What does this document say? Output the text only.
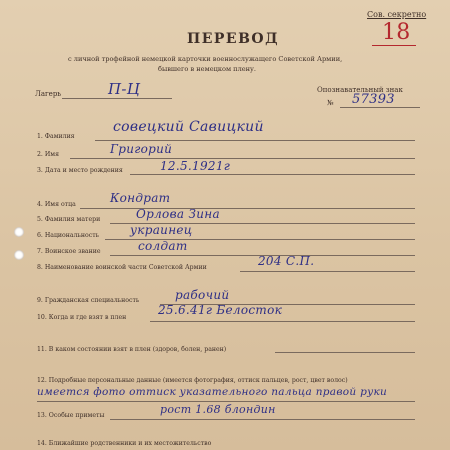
Сов. секретно
18
ПЕРЕВОД
с личной трофейной немецкой карточки военнослужащего Советской Армии,
бывшего в немецком плену.
Лагерь	П-Ц	Опознавательный знак
№ 57393
1. Фамилия
совецкий Савицкий
2. Имя	Григорий
3. Дата и место рождения	12.5.1921г
4. Имя отца	Кондрат
5. Фамилия матери	Орлова Зина
6. Национальность	украинец
7. Воинское звание	солдат
8. Наименование воинской части Советской Армии	204 С.П.
9. Гражданская специальность	рабочий
10. Когда и где взят в плен
25.6.41г Белосток
11. В каком состоянии взят в плен (здоров, болен, ранен)
12. Подробные персональные данные (имеется фотография, оттиск пальцев, рост, цвет волос)
имеется фото оттиск указательного пальца правой руки
13. Особые приметы	рост 1.68 блондин
14. Ближайшие родственники и их местожительство
